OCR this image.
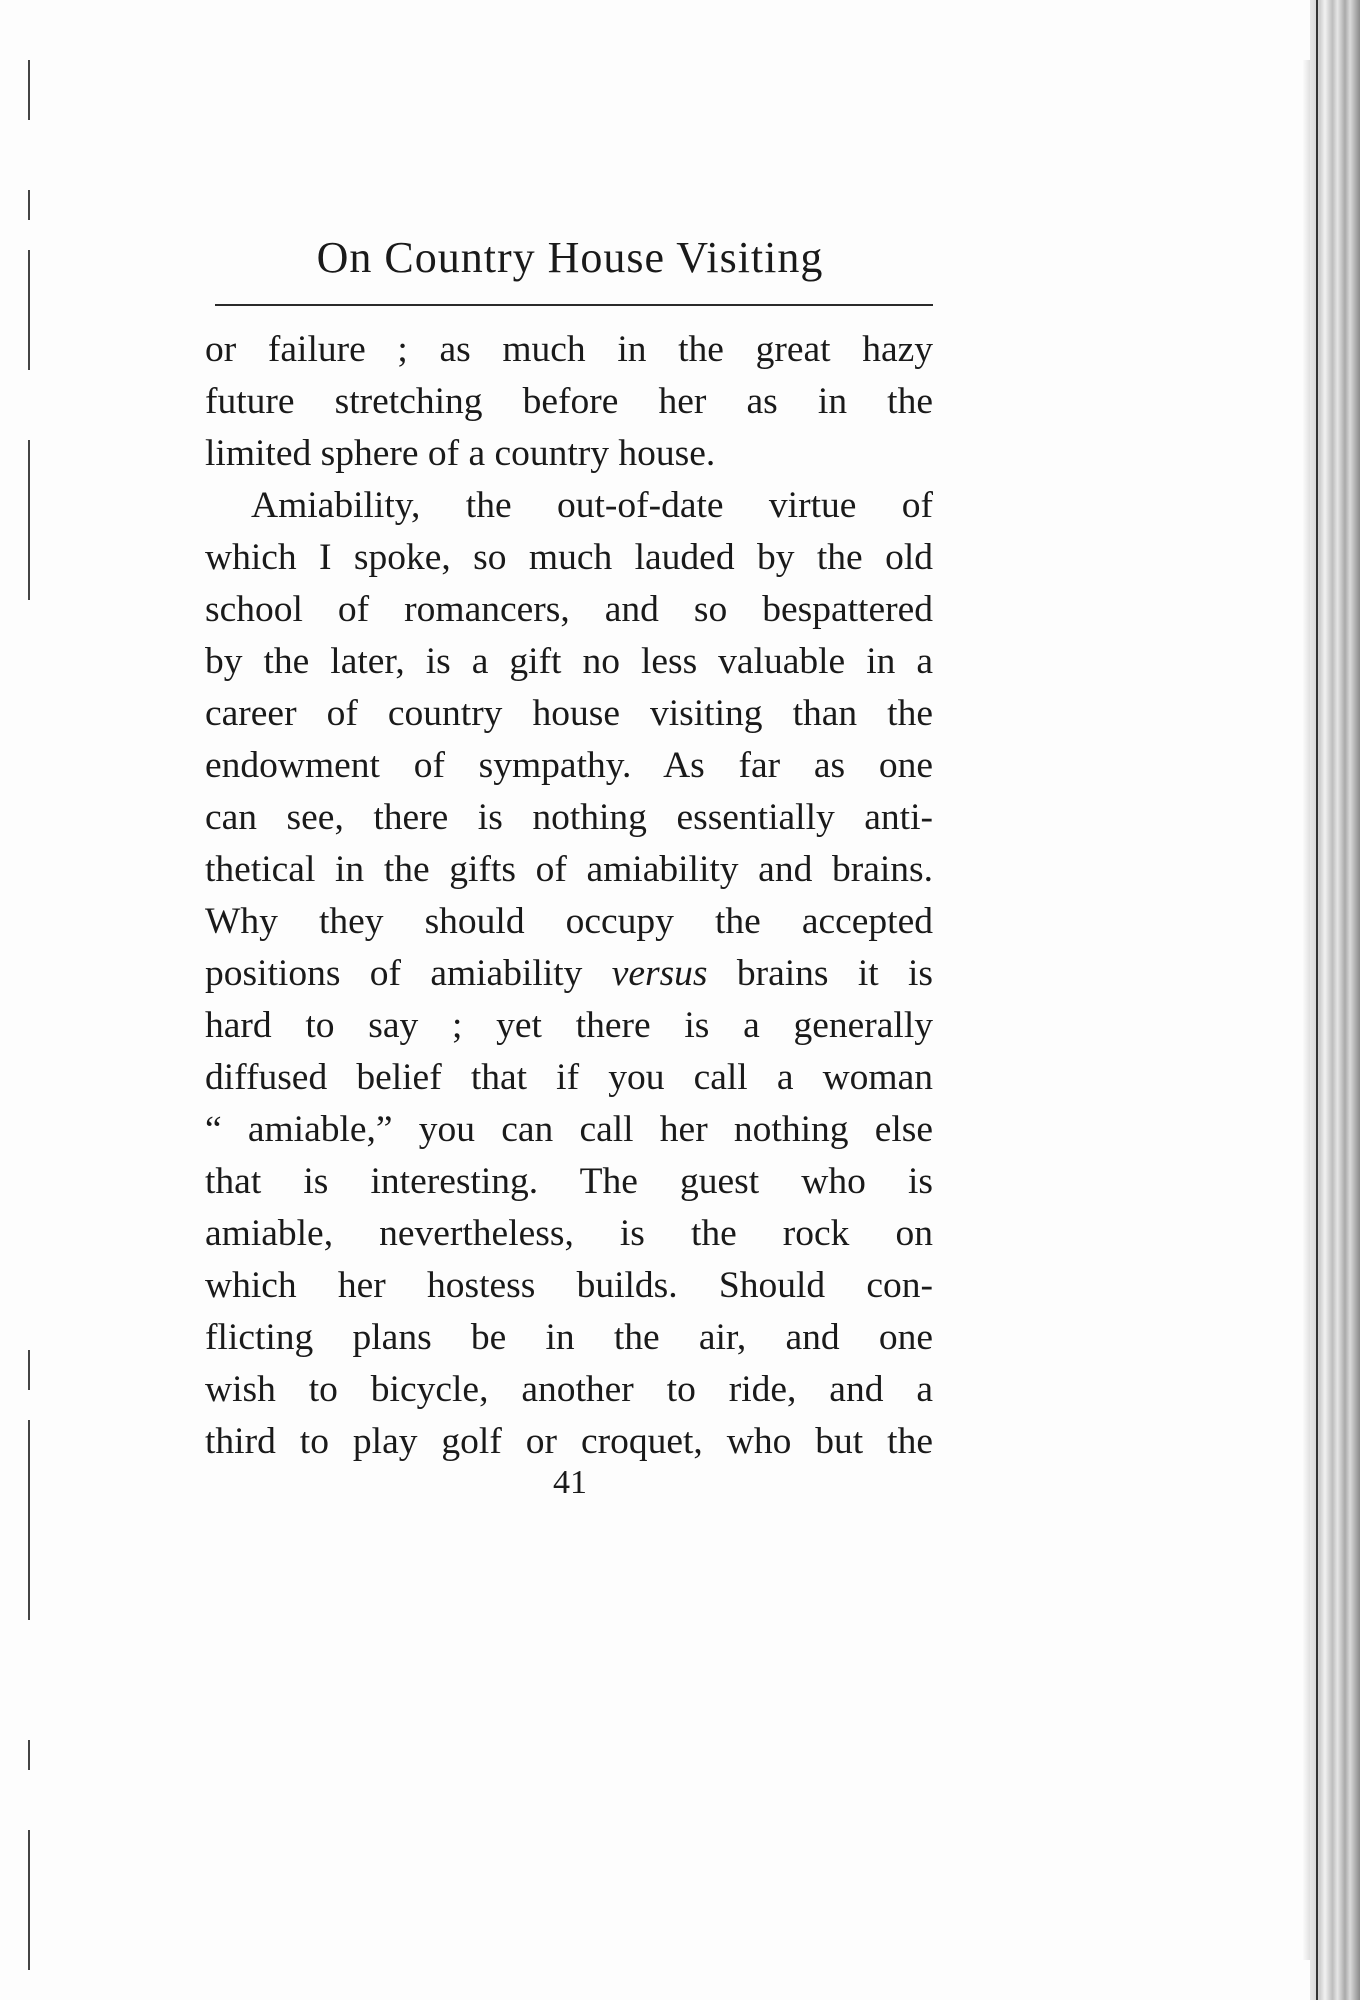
On Country House Visiting
or failure ; as much in the great hazy
future stretching before her as in the
limited sphere of a country house.
Amiability, the out-of-date virtue of
which I spoke, so much lauded by the old
school of romancers, and so bespattered
by the later, is a gift no less valuable in a
career of country house visiting than the
endowment of sympathy. As far as one
can see, there is nothing essentially anti-
thetical in the gifts of amiability and brains.
Why they should occupy the accepted
positions of amiability versus brains it is
hard to say ; yet there is a generally
diffused belief that if you call a woman
“ amiable,” you can call her nothing else
that is interesting. The guest who is
amiable, nevertheless, is the rock on
which her hostess builds. Should con-
flicting plans be in the air, and one
wish to bicycle, another to ride, and a
third to play golf or croquet, who but the
41
